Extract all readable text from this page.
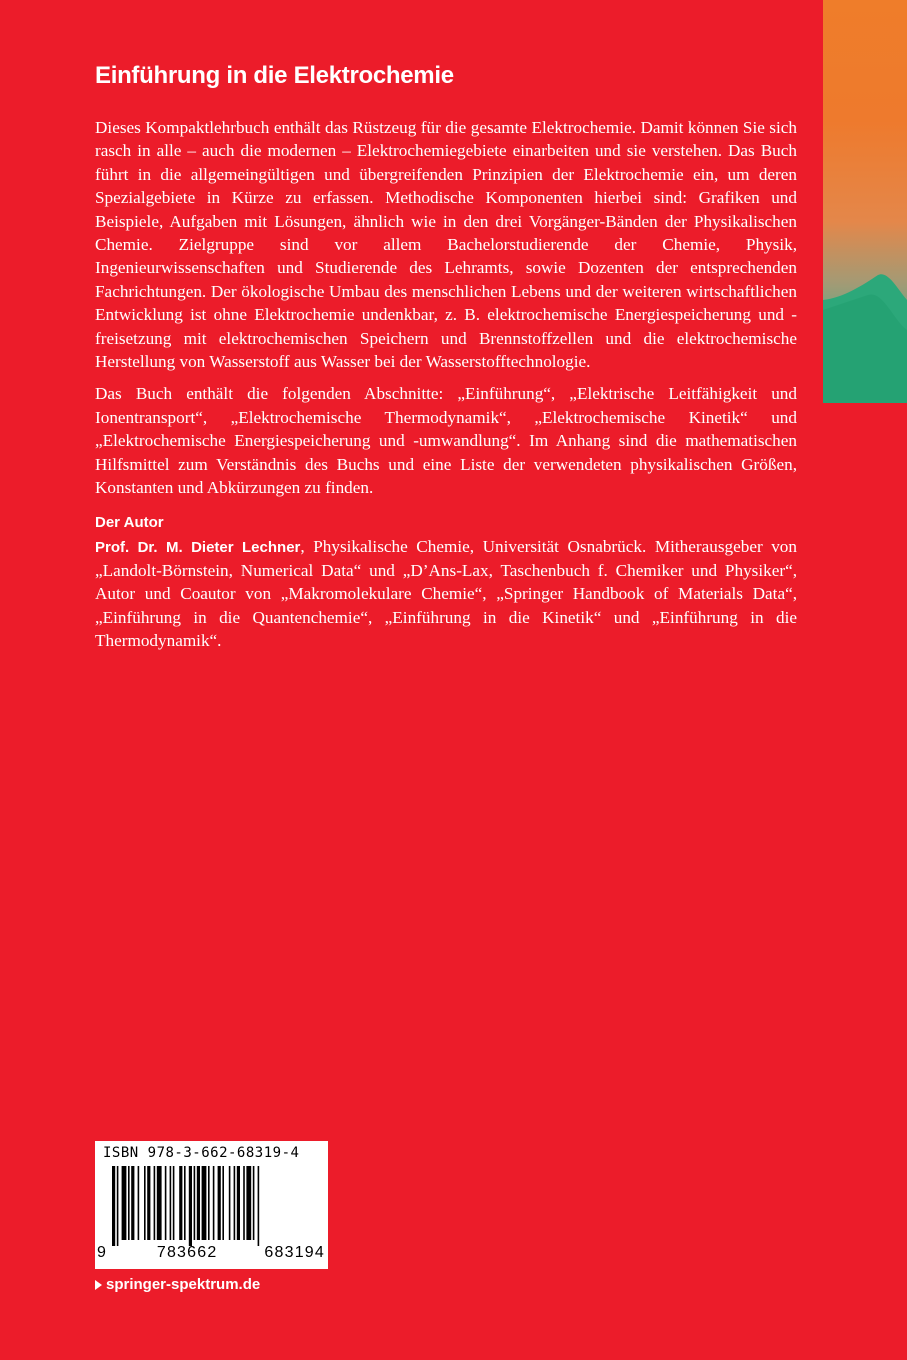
Einführung in die Elektrochemie

Dieses Kompaktlehrbuch enthält das Rüstzeug für die gesamte Elektrochemie. Damit können Sie sich rasch in alle – auch die modernen – Elektrochemiegebiete einarbeiten und sie verstehen. Das Buch führt in die allgemeingültigen und übergreifenden Prinzipien der Elektrochemie ein, um deren Spezialgebiete in Kürze zu erfassen. Methodische Komponenten hierbei sind: Grafiken und Beispiele, Aufgaben mit Lösungen, ähnlich wie in den drei Vorgänger-Bänden der Physikalischen Chemie. Zielgruppe sind vor allem Bachelorstudierende der Chemie, Physik, Ingenieurwissenschaften und Studierende des Lehramts, sowie Dozenten der entsprechenden Fachrichtungen. Der ökologische Umbau des menschlichen Lebens und der weiteren wirtschaftlichen Entwicklung ist ohne Elektrochemie undenkbar, z. B. elektrochemische Energiespeicherung und -freisetzung mit elektrochemischen Speichern und Brennstoffzellen und die elektrochemische Herstellung von Wasserstoff aus Wasser bei der Wasserstofftechnologie.

Das Buch enthält die folgenden Abschnitte: „Einführung“, „Elektrische Leitfähigkeit und Ionentransport“, „Elektrochemische Thermodynamik“, „Elektrochemische Kinetik“ und „Elektrochemische Energiespeicherung und -umwandlung“. Im Anhang sind die mathematischen Hilfsmittel zum Verständnis des Buchs und eine Liste der verwendeten physikalischen Größen, Konstanten und Abkürzungen zu finden.

Der Autor

Prof. Dr. M. Dieter Lechner, Physikalische Chemie, Universität Osnabrück. Mitherausgeber von „Landolt-Börnstein, Numerical Data“ und „D’Ans-Lax, Taschenbuch f. Chemiker und Physiker“, Autor und Coautor von „Makromolekulare Chemie“, „Springer Handbook of Materials Data“, „Einführung in die Quantenchemie“, „Einführung in die Kinetik“ und „Einführung in die Thermodynamik“.

ISBN 978-3-662-68319-4
9	783662	683194
springer-spektrum.de
